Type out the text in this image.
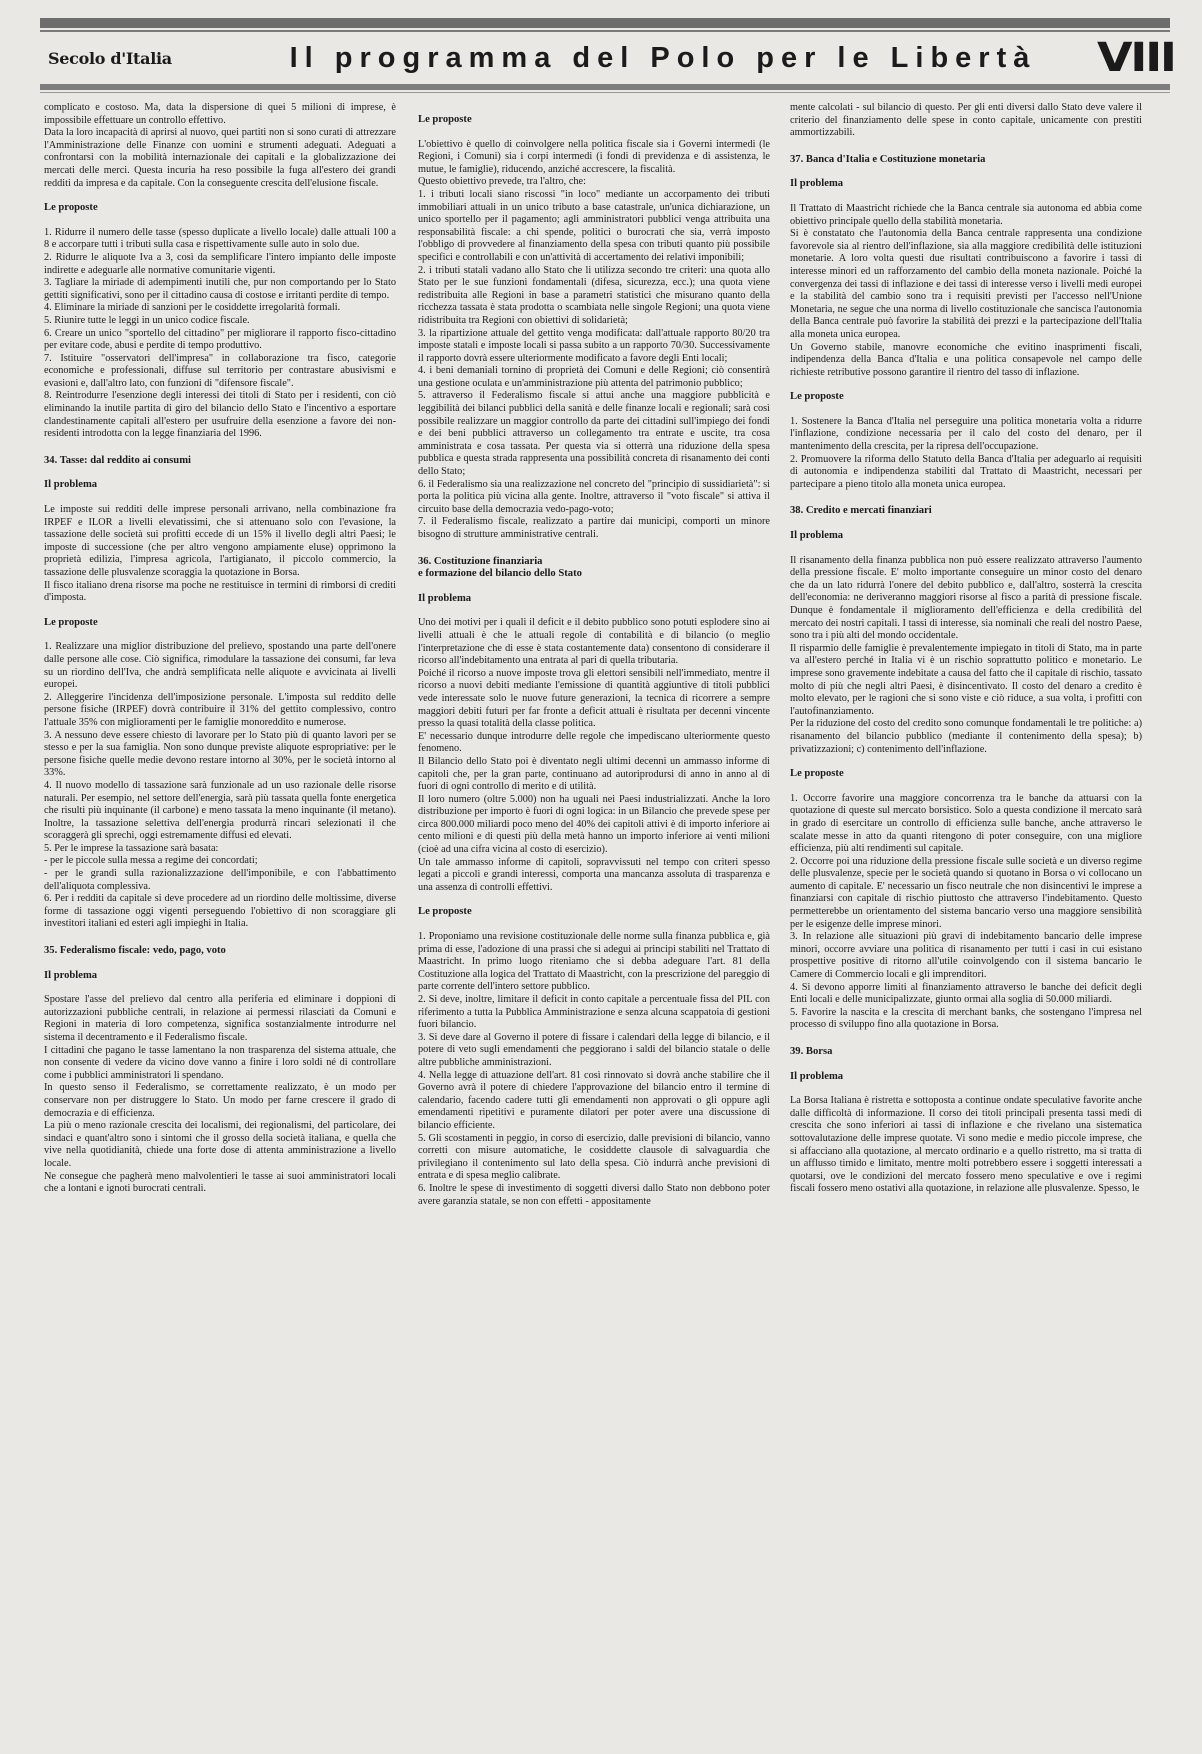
Secolo d'Italia	Il programma del Polo per le Libertà	VIII

complicato e costoso. Ma, data la dispersione di quei 5 milioni di imprese, è impossibile effettuare un controllo effettivo.

Data la loro incapacità di aprirsi al nuovo, quei partiti non si sono curati di attrezzare l'Amministrazione delle Finanze con uomini e strumenti adeguati. Adeguati a confrontarsi con la mobilità internazionale dei capitali e la globalizzazione dei mercati delle merci. Questa incuria ha reso possibile la fuga all'estero dei grandi redditi da impresa e da capitale. Con la conseguente crescita dell'elusione fiscale.

Le proposte

1. Ridurre il numero delle tasse (spesso duplicate a livello locale) dalle attuali 100 a 8 e accorpare tutti i tributi sulla casa e rispettivamente sulle auto in solo due.

2. Ridurre le aliquote Iva a 3, così da semplificare l'intero impianto delle imposte indirette e adeguarle alle normative comunitarie vigenti.

3. Tagliare la miriade di adempimenti inutili che, pur non comportando per lo Stato gettiti significativi, sono per il cittadino causa di costose e irritanti perdite di tempo.

4. Eliminare la miriade di sanzioni per le cosiddette irregolarità formali.

5. Riunire tutte le leggi in un unico codice fiscale.

6. Creare un unico "sportello del cittadino" per migliorare il rapporto fisco-cittadino per evitare code, abusi e perdite di tempo produttivo.

7. Istituire "osservatori dell'impresa" in collaborazione tra fisco, categorie economiche e professionali, diffuse sul territorio per contrastare abusivismi e evasioni e, dall'altro lato, con funzioni di "difensore fiscale".

8. Reintrodurre l'esenzione degli interessi dei titoli di Stato per i residenti, con ciò eliminando la inutile partita di giro del bilancio dello Stato e l'incentivo a esportare clandestinamente capitali all'estero per usufruire della esenzione a favore dei non-residenti introdotta con la legge finanziaria del 1996.

34. Tasse: dal reddito ai consumi
Il problema

Le imposte sui redditi delle imprese personali arrivano, nella combinazione fra IRPEF e ILOR a livelli elevatissimi, che si attenuano solo con l'evasione, la tassazione delle società sui profitti eccede di un 15% il livello degli altri Paesi; le imposte di successione (che per altro vengono ampiamente eluse) opprimono la proprietà edilizia, l'impresa agricola, l'artigianato, il piccolo commercio, la tassazione delle plusvalenze scoraggia la quotazione in Borsa.

Il fisco italiano drena risorse ma poche ne restituisce in termini di rimborsi di crediti d'imposta.

Le proposte

1. Realizzare una miglior distribuzione del prelievo, spostando una parte dell'onere dalle persone alle cose. Ciò significa, rimodulare la tassazione dei consumi, far leva su un riordino dell'Iva, che andrà semplificata nelle aliquote e avvicinata ai livelli europei.

2. Alleggerire l'incidenza dell'imposizione personale. L'imposta sul reddito delle persone fisiche (IRPEF) dovrà contribuire il 31% del gettito complessivo, contro l'attuale 35% con miglioramenti per le famiglie monoreddito e numerose.

3. A nessuno deve essere chiesto di lavorare per lo Stato più di quanto lavori per se stesso e per la sua famiglia. Non sono dunque previste aliquote espropriative: per le persone fisiche quelle medie devono restare intorno al 30%, per le società intorno al 33%.

4. Il nuovo modello di tassazione sarà funzionale ad un uso razionale delle risorse naturali. Per esempio, nel settore dell'energia, sarà più tassata quella fonte energetica che risulti più inquinante (il carbone) e meno tassata la meno inquinante (il metano). Inoltre, la tassazione selettiva dell'energia produrrà rincari selezionati il che scoraggerà gli sprechi, oggi estremamente diffusi ed elevati.

5. Per le imprese la tassazione sarà basata:

- per le piccole sulla messa a regime dei concordati;

- per le grandi sulla razionalizzazione dell'imponibile, e con l'abbattimento dell'aliquota complessiva.

6. Per i redditi da capitale si deve procedere ad un riordino delle moltissime, diverse forme di tassazione oggi vigenti perseguendo l'obiettivo di non scoraggiare gli investitori italiani ed esteri agli impieghi in Italia.

35. Federalismo fiscale: vedo, pago, voto
Il problema

Spostare l'asse del prelievo dal centro alla periferia ed eliminare i doppioni di autorizzazioni pubbliche centrali, in relazione ai permessi rilasciati da Comuni e Regioni in materia di loro competenza, significa sostanzialmente introdurre nel sistema il decentramento e il Federalismo fiscale.

I cittadini che pagano le tasse lamentano la non trasparenza del sistema attuale, che non consente di vedere da vicino dove vanno a finire i loro soldi né di controllare come i pubblici amministratori li spendano.

In questo senso il Federalismo, se correttamente realizzato, è un modo per conservare non per distruggere lo Stato. Un modo per farne crescere il grado di democrazia e di efficienza.

La più o meno razionale crescita dei localismi, dei regionalismi, del particolare, dei sindaci e quant'altro sono i sintomi che il grosso della società italiana, e quella che vive nella quotidianità, chiede una forte dose di attenta amministrazione a livello locale.

Ne consegue che pagherà meno malvolentieri le tasse ai suoi amministratori locali che a lontani e ignoti burocrati centrali.

Le proposte

L'obiettivo è quello di coinvolgere nella politica fiscale sia i Governi intermedi (le Regioni, i Comuni) sia i corpi intermedi (i fondi di previdenza e di assistenza, le mutue, le famiglie), riducendo, anziché accrescere, la fiscalità.

Questo obiettivo prevede, tra l'altro, che:

1. i tributi locali siano riscossi "in loco" mediante un accorpamento dei tributi immobiliari attuali in un unico tributo a base catastrale, un'unica dichiarazione, un unico sportello per il pagamento; agli amministratori pubblici venga attribuita una responsabilità fiscale: a chi spende, politici o burocrati che sia, verrà imposto l'obbligo di provvedere al finanziamento della spesa con tributi quanto più possibile specifici e controllabili e con un'attività di accertamento dei relativi imponibili;

2. i tributi statali vadano allo Stato che li utilizza secondo tre criteri: una quota allo Stato per le sue funzioni fondamentali (difesa, sicurezza, ecc.); una quota viene redistribuita alle Regioni in base a parametri statistici che misurano quanto della ricchezza tassata è stata prodotta o scambiata nelle singole Regioni; una quota viene ridistribuita tra Regioni con obiettivi di solidarietà;

3. la ripartizione attuale del gettito venga modificata: dall'attuale rapporto 80/20 tra imposte statali e imposte locali si passa subito a un rapporto 70/30. Successivamente il rapporto dovrà essere ulteriormente modificato a favore degli Enti locali;

4. i beni demaniali tornino di proprietà dei Comuni e delle Regioni; ciò consentirà una gestione oculata e un'amministrazione più attenta del patrimonio pubblico;

5. attraverso il Federalismo fiscale si attui anche una maggiore pubblicità e leggibilità dei bilanci pubblici della sanità e delle finanze locali e regionali; sarà così possibile realizzare un maggior controllo da parte dei cittadini sull'impiego dei fondi e dei beni pubblici attraverso un collegamento tra entrate e uscite, tra cosa amministrata e cosa tassata. Per questa via si otterrà una riduzione della spesa pubblica e questa strada rappresenta una possibilità concreta di risanamento dei conti dello Stato;

6. il Federalismo sia una realizzazione nel concreto del "principio di sussidiarietà": si porta la politica più vicina alla gente. Inoltre, attraverso il "voto fiscale" si attiva il circuito base della democrazia vedo-pago-voto;

7. il Federalismo fiscale, realizzato a partire dai municipi, comporti un minore bisogno di strutture amministrative centrali.

36. Costituzione finanziaria
e formazione del bilancio dello Stato
Il problema

Uno dei motivi per i quali il deficit e il debito pubblico sono potuti esplodere sino ai livelli attuali è che le attuali regole di contabilità e di bilancio (o meglio l'interpretazione che di esse è stata costantemente data) consentono di considerare il ricorso all'indebitamento una entrata al pari di quella tributaria.

Poiché il ricorso a nuove imposte trova gli elettori sensibili nell'immediato, mentre il ricorso a nuovi debiti mediante l'emissione di quantità aggiuntive di titoli pubblici vede interessate solo le nuove future generazioni, la tecnica di ricorrere a sempre maggiori debiti futuri per far fronte a deficit attuali è risultata per decenni vincente presso la quasi totalità della classe politica.

E' necessario dunque introdurre delle regole che impediscano ulteriormente questo fenomeno.

Il Bilancio dello Stato poi è diventato negli ultimi decenni un ammasso informe di capitoli che, per la gran parte, continuano ad autoriprodursi di anno in anno al di fuori di ogni controllo di merito e di utilità.

Il loro numero (oltre 5.000) non ha uguali nei Paesi industrializzati. Anche la loro distribuzione per importo è fuori di ogni logica: in un Bilancio che prevede spese per circa 800.000 miliardi poco meno del 40% dei capitoli attivi è di importo inferiore ai cento milioni e di questi più della metà hanno un importo inferiore ai venti milioni (cioè ad una cifra vicina al costo di esercizio).

Un tale ammasso informe di capitoli, sopravvissuti nel tempo con criteri spesso legati a piccoli e grandi interessi, comporta una mancanza assoluta di trasparenza e una assenza di controlli effettivi.

Le proposte

1. Proponiamo una revisione costituzionale delle norme sulla finanza pubblica e, già prima di esse, l'adozione di una prassi che si adegui ai principi stabiliti nel Trattato di Maastricht. In primo luogo riteniamo che si debba adeguare l'art. 81 della Costituzione alla logica del Trattato di Maastricht, con la prescrizione del pareggio di parte corrente dell'intero settore pubblico.

2. Si deve, inoltre, limitare il deficit in conto capitale a percentuale fissa del PIL con riferimento a tutta la Pubblica Amministrazione e senza alcuna scappatoia di gestioni fuori bilancio.

3. Si deve dare al Governo il potere di fissare i calendari della legge di bilancio, e il potere di veto sugli emendamenti che peggiorano i saldi del bilancio statale o delle altre pubbliche amministrazioni.

4. Nella legge di attuazione dell'art. 81 così rinnovato si dovrà anche stabilire che il Governo avrà il potere di chiedere l'approvazione del bilancio entro il termine di calendario, facendo cadere tutti gli emendamenti non approvati o gli oppure agli emendamenti ripetitivi e puramente dilatori per poter avere una discussione di bilancio efficiente.

5. Gli scostamenti in peggio, in corso di esercizio, dalle previsioni di bilancio, vanno corretti con misure automatiche, le cosiddette clausole di salvaguardia che privilegiano il contenimento sul lato della spesa. Ciò indurrà anche previsioni di entrata e di spesa meglio calibrate.

6. Inoltre le spese di investimento di soggetti diversi dallo Stato non debbono poter avere garanzia statale, se non con effetti - appositamente

mente calcolati - sul bilancio di questo. Per gli enti diversi dallo Stato deve valere il criterio del finanziamento delle spese in conto capitale, unicamente con prestiti ammortizzabili.

37. Banca d'Italia e Costituzione monetaria
Il problema

Il Trattato di Maastricht richiede che la Banca centrale sia autonoma ed abbia come obiettivo principale quello della stabilità monetaria.

Si è constatato che l'autonomia della Banca centrale rappresenta una condizione favorevole sia al rientro dell'inflazione, sia alla maggiore credibilità delle istituzioni monetarie. A loro volta questi due risultati contribuiscono a favorire i tassi di interesse minori ed un rafforzamento del cambio della moneta nazionale. Poiché la convergenza dei tassi di inflazione e dei tassi di interesse verso i livelli medi europei e la stabilità del cambio sono tra i requisiti previsti per l'accesso nell'Unione Monetaria, ne segue che una norma di livello costituzionale che sancisca l'autonomia della Banca centrale può favorire la stabilità dei prezzi e la partecipazione dell'Italia alla moneta unica europea.

Un Governo stabile, manovre economiche che evitino inasprimenti fiscali, indipendenza della Banca d'Italia e una politica consapevole nel campo delle richieste retributive possono garantire il rientro del tasso di inflazione.

Le proposte

1. Sostenere la Banca d'Italia nel perseguire una politica monetaria volta a ridurre l'inflazione, condizione necessaria per il calo del costo del denaro, per il mantenimento della crescita, per la ripresa dell'occupazione.

2. Promuovere la riforma dello Statuto della Banca d'Italia per adeguarlo ai requisiti di autonomia e indipendenza stabiliti dal Trattato di Maastricht, necessari per partecipare a pieno titolo alla moneta unica europea.

38. Credito e mercati finanziari
Il problema

Il risanamento della finanza pubblica non può essere realizzato attraverso l'aumento della pressione fiscale. E' molto importante conseguire un minor costo del denaro che da un lato ridurrà l'onere del debito pubblico e, dall'altro, sosterrà la crescita dell'economia: ne deriveranno maggiori risorse al fisco a parità di pressione fiscale. Dunque è fondamentale il miglioramento dell'efficienza e della credibilità del mercato dei nostri capitali. I tassi di interesse, sia nominali che reali del nostro Paese, sono tra i più alti del mondo occidentale.

Il risparmio delle famiglie è prevalentemente impiegato in titoli di Stato, ma in parte va all'estero perché in Italia vi è un rischio soprattutto politico e monetario. Le imprese sono gravemente indebitate a causa del fatto che il capitale di rischio, tassato molto di più che negli altri Paesi, è disincentivato. Il costo del denaro a credito è molto elevato, per le ragioni che si sono viste e ciò riduce, a sua volta, i profitti con l'autofinanziamento.

Per la riduzione del costo del credito sono comunque fondamentali le tre politiche: a) risanamento del bilancio pubblico (mediante il contenimento della spesa); b) privatizzazioni; c) contenimento dell'inflazione.

Le proposte

1. Occorre favorire una maggiore concorrenza tra le banche da attuarsi con la quotazione di queste sul mercato borsistico. Solo a questa condizione il mercato sarà in grado di esercitare un controllo di efficienza sulle banche, anche attraverso le scalate messe in atto da quanti ritengono di poter conseguire, con una migliore efficienza, più alti rendimenti sul capitale.

2. Occorre poi una riduzione della pressione fiscale sulle società e un diverso regime delle plusvalenze, specie per le società quando si quotano in Borsa o vi collocano un aumento di capitale. E' necessario un fisco neutrale che non disincentivi le imprese a finanziarsi con capitale di rischio piuttosto che attraverso l'indebitamento. Questo permetterebbe un orientamento del sistema bancario verso una maggiore sensibilità per le esigenze delle imprese minori.

3. In relazione alle situazioni più gravi di indebitamento bancario delle imprese minori, occorre avviare una politica di risanamento per tutti i casi in cui esistano prospettive positive di ritorno all'utile coinvolgendo con il sistema bancario le Camere di Commercio locali e gli imprenditori.

4. Si devono apporre limiti al finanziamento attraverso le banche dei deficit degli Enti locali e delle municipalizzate, giunto ormai alla soglia di 50.000 miliardi.

5. Favorire la nascita e la crescita di merchant banks, che sostengano l'impresa nel processo di sviluppo fino alla quotazione in Borsa.

39. Borsa
Il problema

La Borsa Italiana è ristretta e sottoposta a continue ondate speculative favorite anche dalle difficoltà di informazione. Il corso dei titoli principali presenta tassi medi di crescita che sono inferiori ai tassi di inflazione e che rivelano una sistematica sottovalutazione delle imprese quotate. Vi sono medie e medio piccole imprese, che si affacciano alla quotazione, al mercato ordinario e a quello ristretto, ma si tratta di un afflusso timido e limitato, mentre molti potrebbero essere i soggetti interessati a quotarsi, ove le condizioni del mercato fossero meno speculative e ove i regimi fiscali fossero meno ostativi alla quotazione, in relazione alle plusvalenze. Spesso, le
